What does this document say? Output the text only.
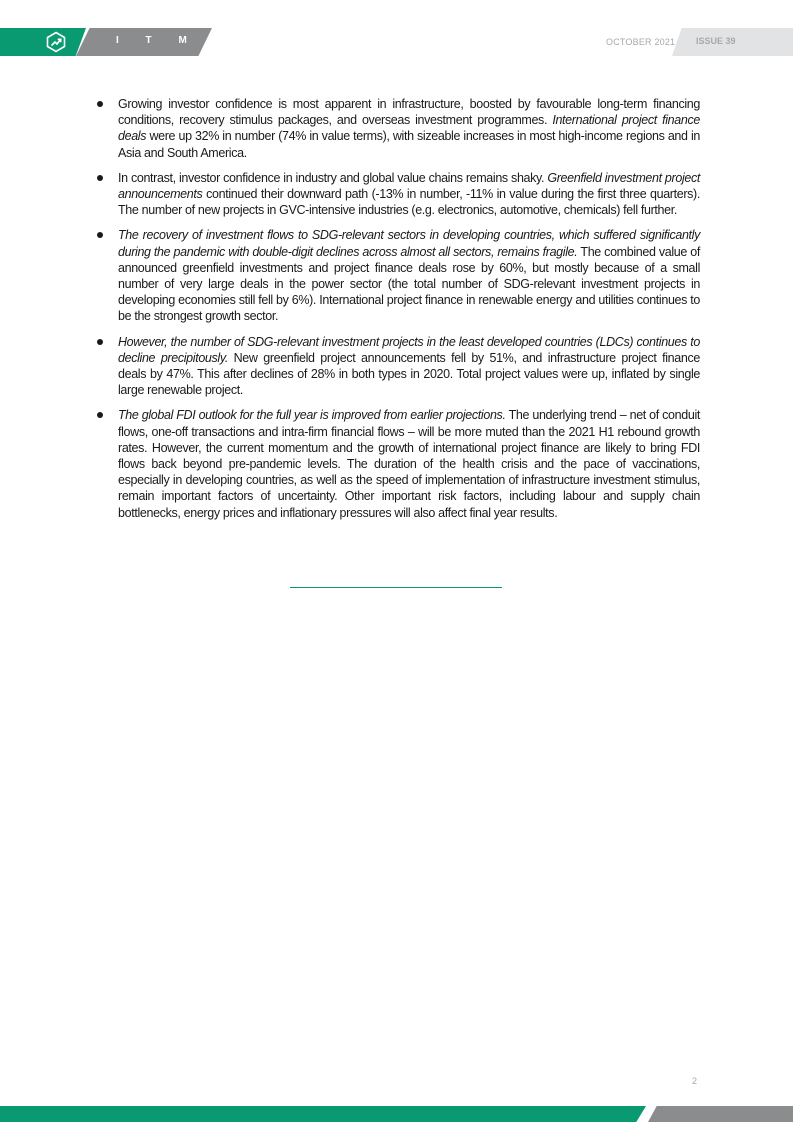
I T M	OCTOBER 2021 ISSUE 39
Growing investor confidence is most apparent in infrastructure, boosted by favourable long-term financing conditions, recovery stimulus packages, and overseas investment programmes. International project finance deals were up 32% in number (74% in value terms), with sizeable increases in most high-income regions and in Asia and South America.
In contrast, investor confidence in industry and global value chains remains shaky. Greenfield investment project announcements continued their downward path (-13% in number, -11% in value during the first three quarters). The number of new projects in GVC-intensive industries (e.g. electronics, automotive, chemicals) fell further.
The recovery of investment flows to SDG-relevant sectors in developing countries, which suffered significantly during the pandemic with double-digit declines across almost all sectors, remains fragile. The combined value of announced greenfield investments and project finance deals rose by 60%, but mostly because of a small number of very large deals in the power sector (the total number of SDG-relevant investment projects in developing economies still fell by 6%). International project finance in renewable energy and utilities continues to be the strongest growth sector.
However, the number of SDG-relevant investment projects in the least developed countries (LDCs) continues to decline precipitously. New greenfield project announcements fell by 51%, and infrastructure project finance deals by 47%. This after declines of 28% in both types in 2020. Total project values were up, inflated by single large renewable project.
The global FDI outlook for the full year is improved from earlier projections. The underlying trend – net of conduit flows, one-off transactions and intra-firm financial flows – will be more muted than the 2021 H1 rebound growth rates. However, the current momentum and the growth of international project finance are likely to bring FDI flows back beyond pre-pandemic levels. The duration of the health crisis and the pace of vaccinations, especially in developing countries, as well as the speed of implementation of infrastructure investment stimulus, remain important factors of uncertainty. Other important risk factors, including labour and supply chain bottlenecks, energy prices and inflationary pressures will also affect final year results.
2
